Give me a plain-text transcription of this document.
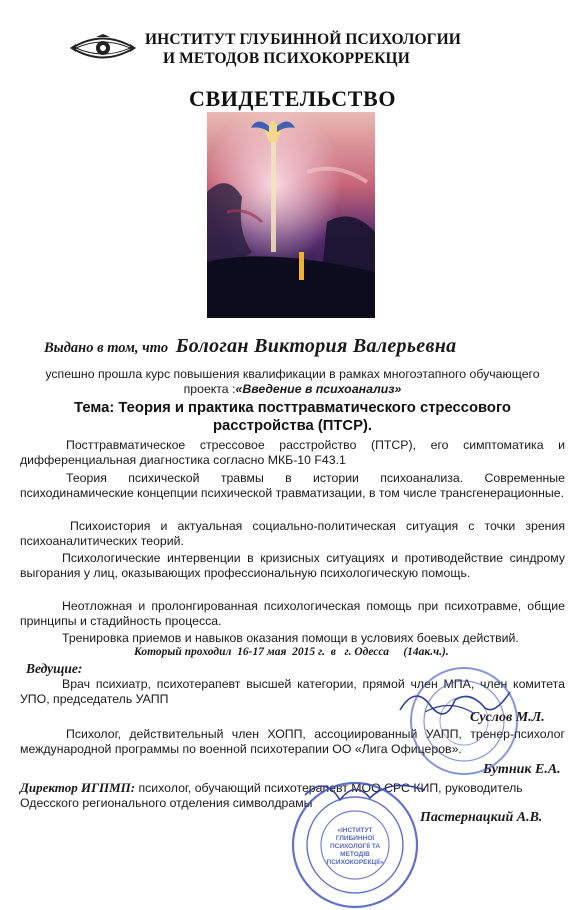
ИНСТИТУТ ГЛУБИННОЙ ПСИХОЛОГИИ
И МЕТОДОВ ПСИХОКОРРЕКЦИ
СВИДЕТЕЛЬСТВО
Выдано в том, что Бологан Виктория Валерьевна
успешно прошла курс повышения квалификации в рамках многоэтапного обучающего
проекта :«Введение в психоанализ»
Тема: Теория и практика посттравматического стрессового
расстройства (ПТСР).
Посттравматическое стрессовое расстройство (ПТСР), его симптоматика и дифференциальная диагностика согласно МКБ-10 F43.1
Теория психической травмы в истории психоанализа. Современные психодинамические концепции психической травматизации, в том числе трансгенерационные.
Психоистория и актуальная социально-политическая ситуация с точки зрения психоаналитических теорий.
Психологические интервенции в кризисных ситуациях и противодействие синдрому выгорания у лиц, оказывающих профессиональную психологическую помощь.
Неотложная и пролонгированная психологическая помощь при психотравме, общие принципы и стадийность процесса.
Тренировка приемов и навыков оказания помощи в условиях боевых действий.
Который проходил  16-17 мая  2015 г.  в   г. Одесса     (14ак.ч.).
Ведущие:
Врач психиатр, психотерапевт высшей категории, прямой член МПА, член комитета УПО, председатель УАПП
Суслов М.Л.
Психолог, действительный член ХОПП, ассоциированный УАПП, тренер-психолог международной программы по военной психотерапии ОО «Лига Офицеров».
Бутник Е.А.
Директор ИГПМП: психолог, обучающий психотерапевт МОО СРС КИП, руководитель Одесского регионального отделения символдрамы
Пастернацкий А.В.
«ІНСТИТУТ
ГЛИБИННОЇ
ПСИХОЛОГІЇ ТА
МЕТОДІВ
ПСИХОКОРЕКЦІЇ»
